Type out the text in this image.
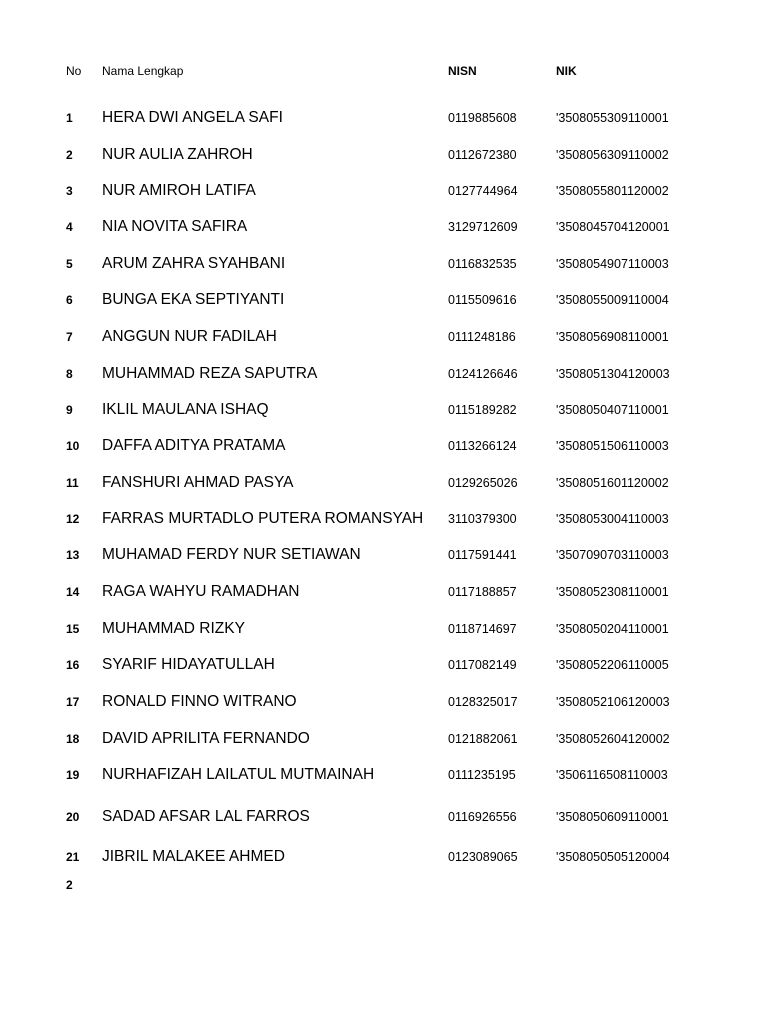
No Nama Lengkap	NISN	NIK
1 HERA DWI ANGELA SAFI	0119885608	'3508055309110001
2 NUR AULIA ZAHROH	0112672380	'3508056309110002
3 NUR AMIROH LATIFA	0127744964	'3508055801120002
4 NIA NOVITA SAFIRA	3129712609	'3508045704120001
5 ARUM ZAHRA SYAHBANI	0116832535	'3508054907110003
6 BUNGA EKA SEPTIYANTI	0115509616	'3508055009110004
7 ANGGUN NUR FADILAH	0111248186	'3508056908110001
8 MUHAMMAD REZA SAPUTRA	0124126646	'3508051304120003
9 IKLIL MAULANA ISHAQ	0115189282	'3508050407110001
10 DAFFA ADITYA PRATAMA	0113266124	'3508051506110003
11 FANSHURI AHMAD PASYA	0129265026	'3508051601120002
12 FARRAS MURTADLO PUTERA ROMANSYAH 3110379300	'3508053004110003
13 MUHAMAD FERDY NUR SETIAWAN	0117591441	'3507090703110003
14 RAGA WAHYU RAMADHAN	0117188857	'3508052308110001
15 MUHAMMAD RIZKY	0118714697	'3508050204110001
16 SYARIF HIDAYATULLAH	0117082149	'3508052206110005
17 RONALD FINNO WITRANO	0128325017	'3508052106120003
18 DAVID APRILITA FERNANDO	0121882061	'3508052604120002
19 NURHAFIZAH LAILATUL MUTMAINAH	0111235195	'3506116508110003
20 SADAD AFSAR LAL FARROS	0116926556	'3508050609110001
21 JIBRIL MALAKEE AHMED	0123089065	'3508050505120004
2
